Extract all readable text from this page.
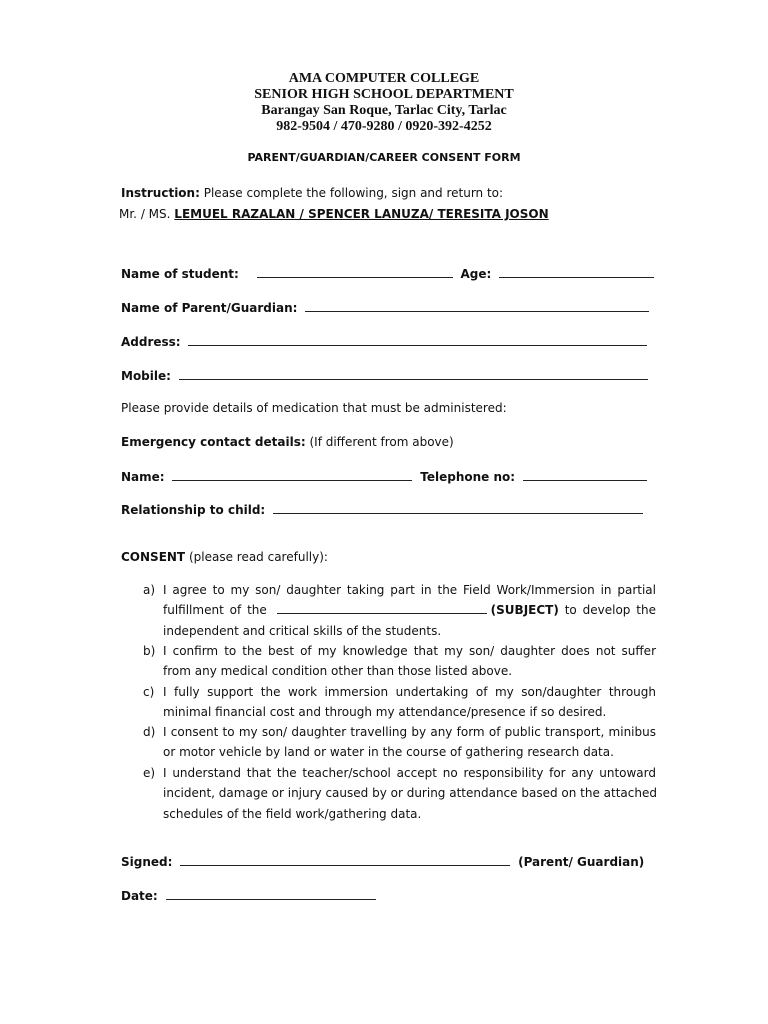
AMA COMPUTER COLLEGE
SENIOR HIGH SCHOOL DEPARTMENT
Barangay San Roque, Tarlac City, Tarlac
982-9504 / 470-9280 / 0920-392-4252
PARENT/GUARDIAN/CAREER CONSENT FORM
Instruction: Please complete the following, sign and return to:
Mr. / MS. LEMUEL RAZALAN / SPENCER LANUZA/ TERESITA JOSON
Name of student:	Age:
Name of Parent/Guardian:
Address:
Mobile:
Please provide details of medication that must be administered:
Emergency contact details: (If different from above)
Name:	Telephone no:
Relationship to child:
CONSENT (please read carefully):
a) I agree to my son/ daughter taking part in the Field Work/Immersion in partial
fulfillment of the	(SUBJECT) to develop the
independent and critical skills of the students.
b) I confirm to the best of my knowledge that my son/ daughter does not suffer
from any medical condition other than those listed above.
c) I fully support the work immersion undertaking of my son/daughter through
minimal financial cost and through my attendance/presence if so desired.
d) I consent to my son/ daughter travelling by any form of public transport, minibus
or motor vehicle by land or water in the course of gathering research data.
e) I understand that the teacher/school accept no responsibility for any untoward
incident, damage or injury caused by or during attendance based on the attached
schedules of the field work/gathering data.
Signed:	(Parent/ Guardian)
Date:
